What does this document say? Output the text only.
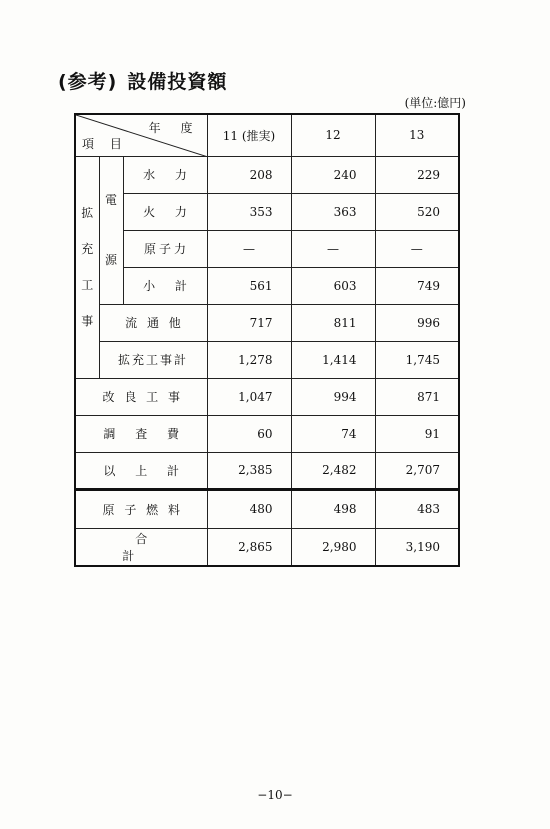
(参考) 設備投資額
(単位:億円)
年 度
項 目			11 (推実)	12	13

拡
充
工
事	電
源	水 力	208	240	229
		火 力	353	363	520
		原子力	—	—	—
		小 計	561	603	749
	流 通 他		717	811	996
	拡充工事計		1,278	1,414	1,745
改 良 工 事			1,047	994	871
調 査 費			60	74	91
以 上 計			2,385	2,482	2,707
原 子 燃 料	480	498	483
合 計	2,865	2,980	3,190
−10−
